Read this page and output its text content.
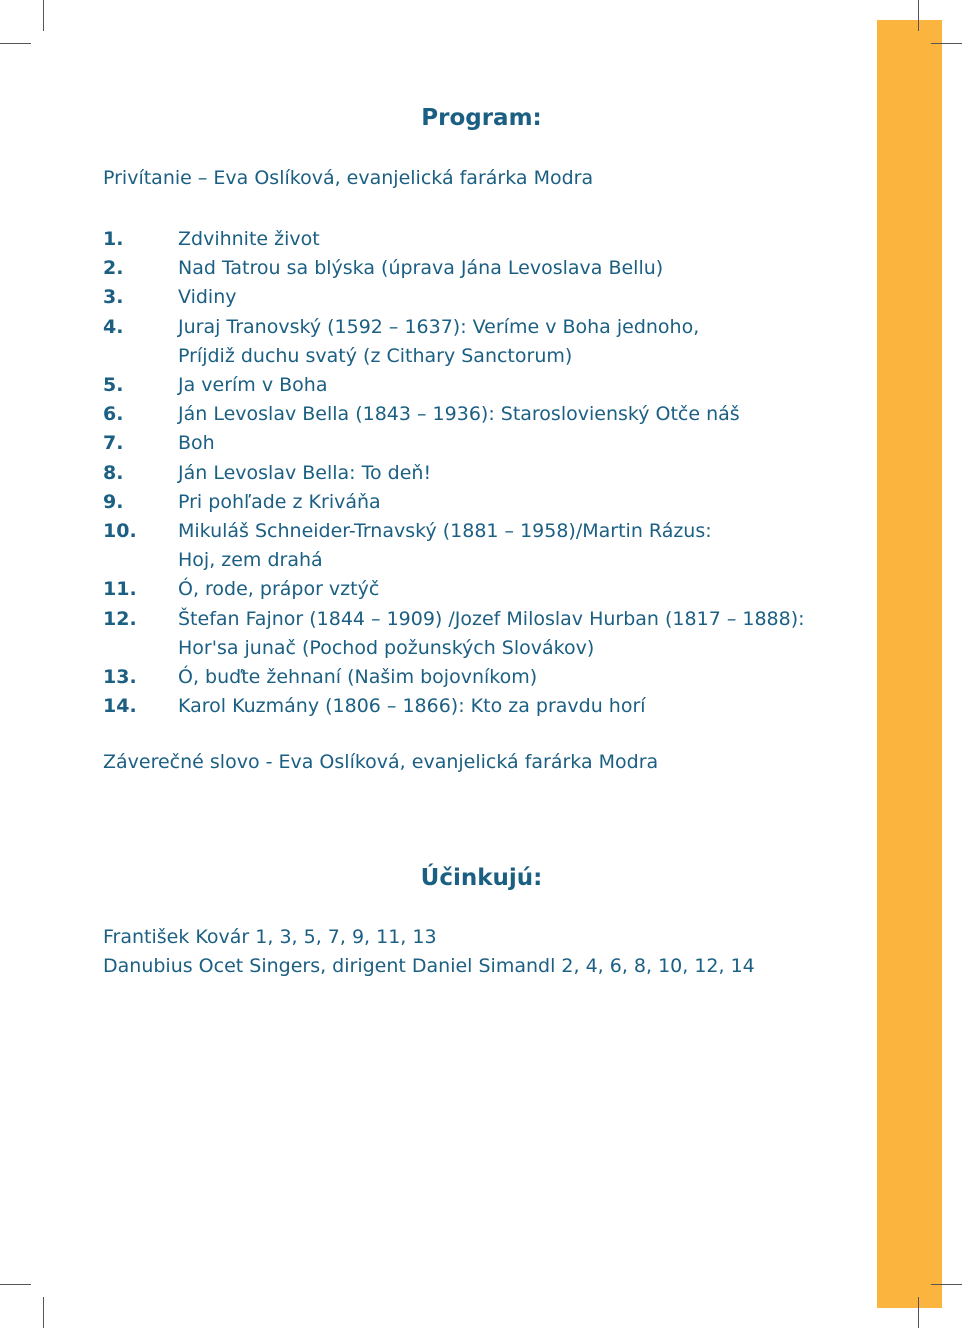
Program:

Privítanie – Eva Oslíková, evanjelická farárka Modra

1.	Zdvihnite život
2.	Nad Tatrou sa blýska (úprava Jána Levoslava Bellu)
3.	Vidiny
4.	Juraj Tranovský (1592 – 1637): Veríme v Boha jednoho,
Príjdiž duchu svatý (z Cithary Sanctorum)
5.	Ja verím v Boha
6.	Ján Levoslav Bella (1843 – 1936): Staroslovienský Otče náš
7.	Boh
8.	Ján Levoslav Bella: To deň!
9.	Pri pohľade z Kriváňa
10.	Mikuláš Schneider-Trnavský (1881 – 1958)/Martin Rázus:
Hoj, zem drahá
11.	Ó, rode, prápor vztýč
12.	Štefan Fajnor (1844 – 1909) /Jozef Miloslav Hurban (1817 – 1888):
Hor'sa junač (Pochod požunských Slovákov)
13.	Ó, buďte žehnaní (Našim bojovníkom)
14.	Karol Kuzmány (1806 – 1866): Kto za pravdu horí

Záverečné slovo - Eva Oslíková, evanjelická farárka Modra

Účinkujú:

František Kovár 1, 3, 5, 7, 9, 11, 13

Danubius Ocet Singers, dirigent Daniel Simandl 2, 4, 6, 8, 10, 12, 14
